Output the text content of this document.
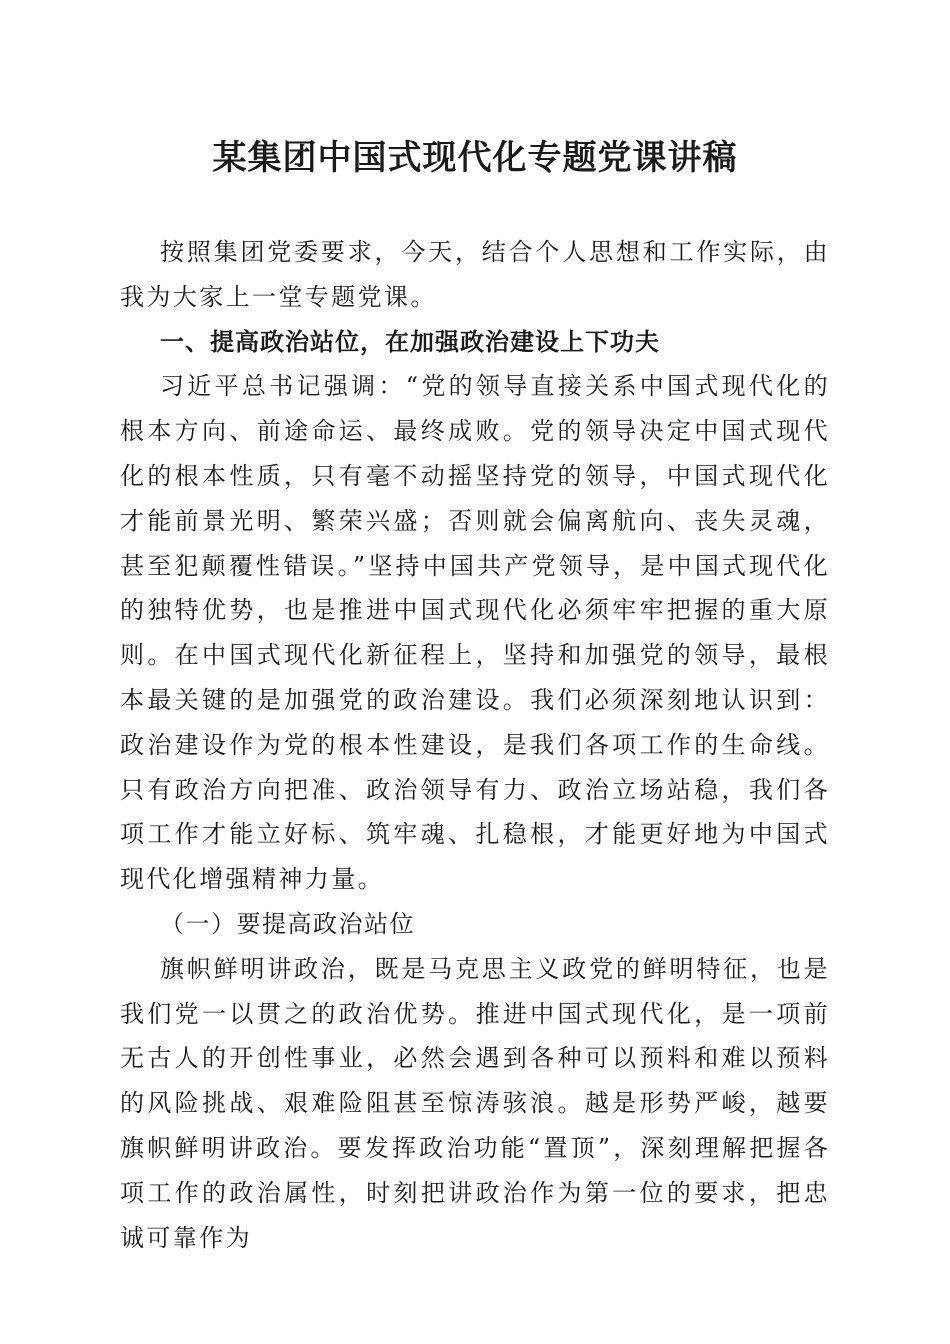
某集团中国式现代化专题党课讲稿

按照集团党委要求，今天，结合个人思想和工作实际，由我为大家上一堂专题党课。

一、提高政治站位，在加强政治建设上下功夫

习近平总书记强调：“党的领导直接关系中国式现代化的根本方向、前途命运、最终成败。党的领导决定中国式现代化的根本性质，只有毫不动摇坚持党的领导，中国式现代化才能前景光明、繁荣兴盛；否则就会偏离航向、丧失灵魂，甚至犯颠覆性错误。”坚持中国共产党领导，是中国式现代化的独特优势，也是推进中国式现代化必须牢牢把握的重大原则。在中国式现代化新征程上，坚持和加强党的领导，最根本最关键的是加强党的政治建设。我们必须深刻地认识到：政治建设作为党的根本性建设，是我们各项工作的生命线。只有政治方向把准、政治领导有力、政治立场站稳，我们各项工作才能立好标、筑牢魂、扎稳根，才能更好地为中国式现代化增强精神力量。

（一）要提高政治站位

旗帜鲜明讲政治，既是马克思主义政党的鲜明特征，也是我们党一以贯之的政治优势。推进中国式现代化，是一项前无古人的开创性事业，必然会遇到各种可以预料和难以预料的风险挑战、艰难险阻甚至惊涛骇浪。越是形势严峻，越要旗帜鲜明讲政治。要发挥政治功能“置顶”，深刻理解把握各项工作的政治属性，时刻把讲政治作为第一位的要求，把忠诚可靠作为
